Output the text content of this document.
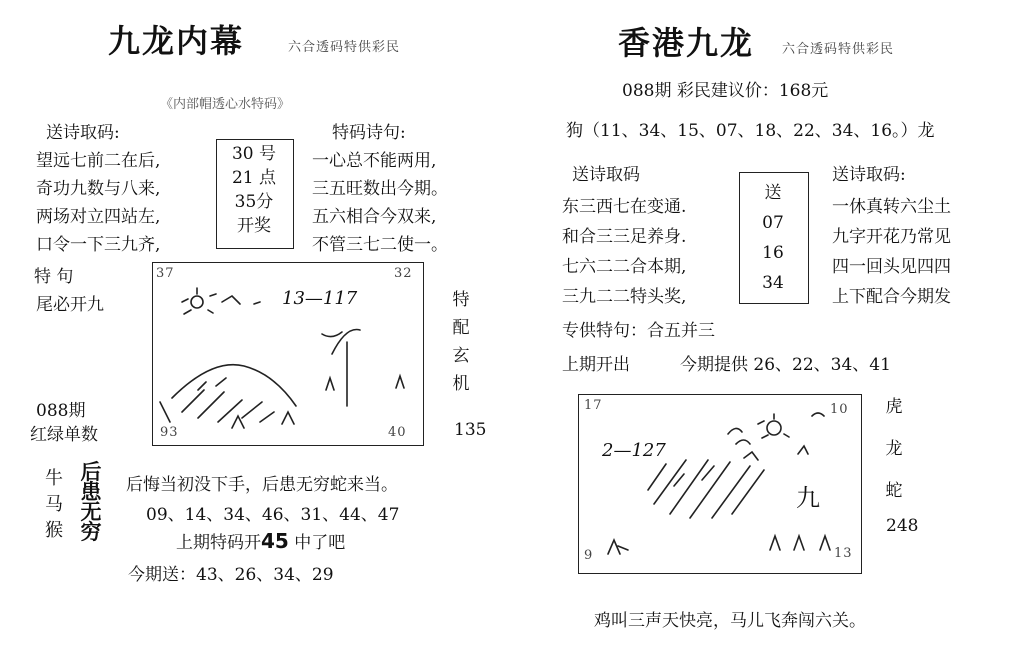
九龙内幕	六合透码特供彩民
《内部帽透心水特码》
送诗取码:
望远七前二在后,
奇功九数与八来,
两场对立四站左,
口令一下三九齐,
30 号
21 点
35分
开奖
特码诗句:
一心总不能两用,
三五旺数出今期。
五六相合今双来,
不管三七二使一。
特 句
尾必开九
37	32
93	40
13—117	特
配
玄
机
135
088期
红绿单数
牛
马
猴
后
患
无
穷
后悔当初没下手，后患无穷蛇来当。
09、14、34、46、31、44、47
上期特码开45 中了吧
今期送：43、26、34、29
香港九龙 六合透码特供彩民
088期 彩民建议价：168元
狗（11、34、15、07、18、22、34、16。）龙
送诗取码
东三西七在变通.
和合三三足养身.
七六二二合本期,
三九二二特头奖,
送
07
16
34
送诗取码:
一休真转六尘土
九字开花乃常见
四一回头见四四
上下配合今期发
专供特句：合五并三
上期开出	今期提供 26、22、34、41
17	10
9	13
2—127
九
虎
龙
蛇
248
鸡叫三声天快亮，马儿飞奔闯六关。
